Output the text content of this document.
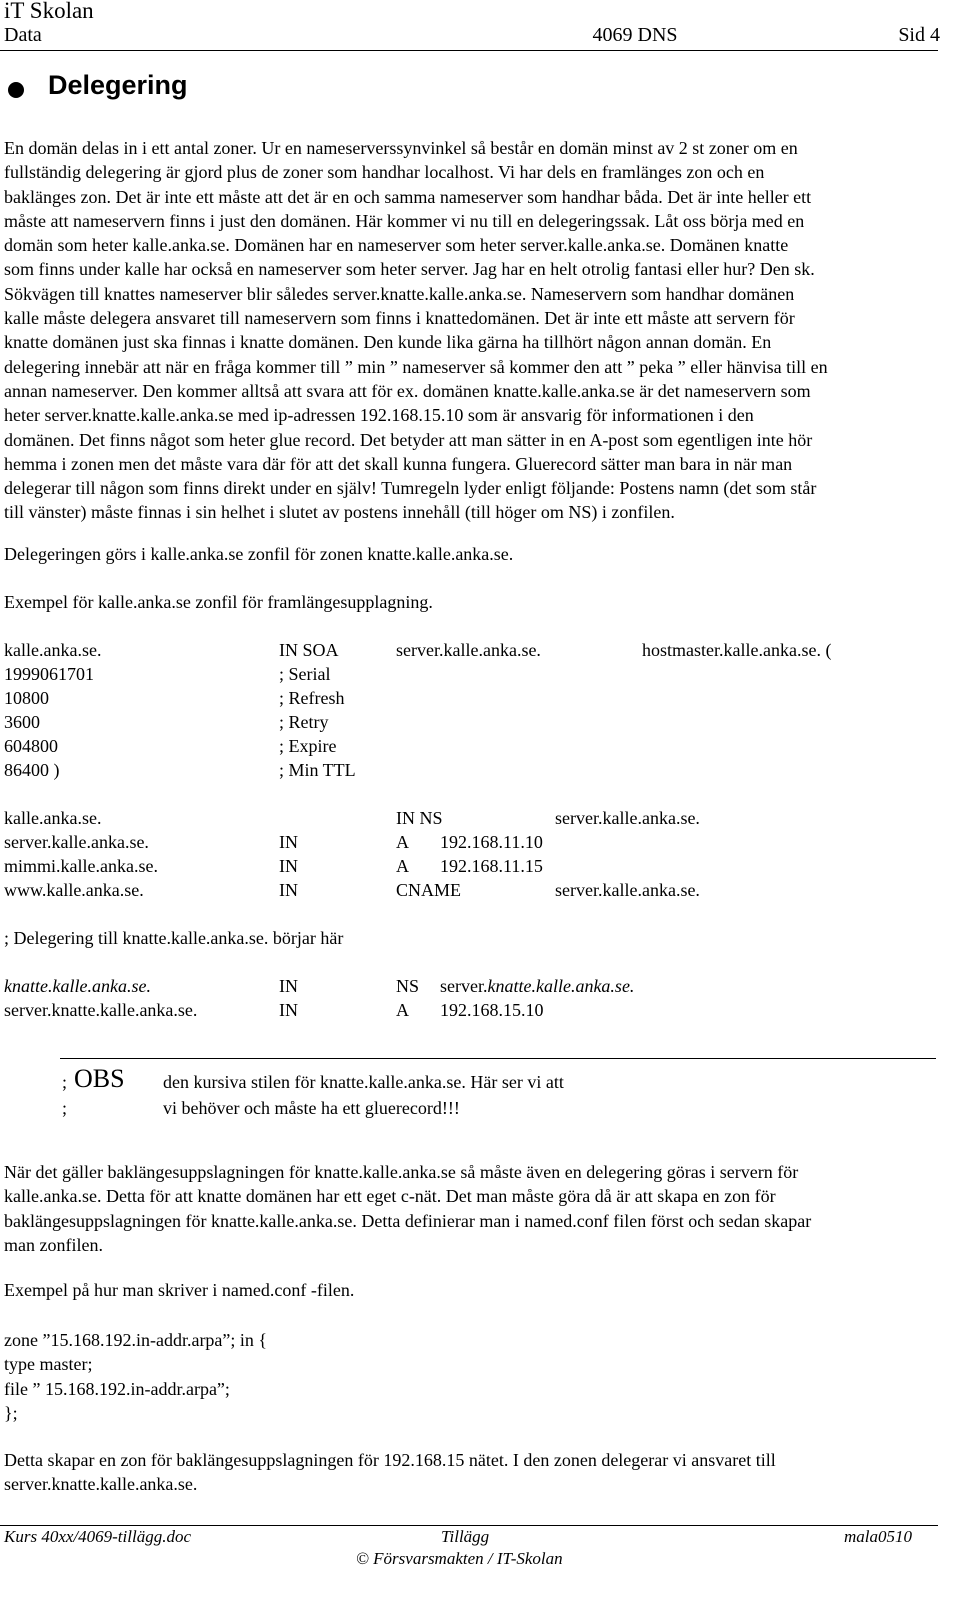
iT Skolan
Data	4069 DNS	Sid 4
Delegering
En domän delas in i ett antal zoner. Ur en nameserverssynvinkel så består en domän minst av 2 st zoner om en
fullständig delegering är gjord plus de zoner som handhar localhost. Vi har dels en framlänges zon och en
baklänges zon. Det är inte ett måste att det är en och samma nameserver som handhar båda. Det är inte heller ett
måste att nameservern finns i just den domänen. Här kommer vi nu till en delegeringssak. Låt oss börja med en
domän som heter kalle.anka.se. Domänen har en nameserver som heter server.kalle.anka.se. Domänen knatte
som finns under kalle har också en nameserver som heter server. Jag har en helt otrolig fantasi eller hur? Den sk.
Sökvägen till knattes nameserver blir således server.knatte.kalle.anka.se. Nameservern som handhar domänen
kalle måste delegera ansvaret till nameservern som finns i knattedomänen. Det är inte ett måste att servern för
knatte domänen just ska finnas i knatte domänen. Den kunde lika gärna ha tillhört någon annan domän. En
delegering innebär att när en fråga kommer till ” min ” nameserver så kommer den att ” peka ” eller hänvisa till en
annan nameserver. Den kommer alltså att svara att för ex. domänen knatte.kalle.anka.se är det nameservern som
heter server.knatte.kalle.anka.se med ip-adressen 192.168.15.10 som är ansvarig för informationen i den
domänen. Det finns något som heter glue record. Det betyder att man sätter in en A-post som egentligen inte hör
hemma i zonen men det måste vara där för att det skall kunna fungera. Gluerecord sätter man bara in när man
delegerar till någon som finns direkt under en själv! Tumregeln lyder enligt följande: Postens namn (det som står
till vänster) måste finnas i sin helhet i slutet av postens innehåll (till höger om NS) i zonfilen.
Delegeringen görs i kalle.anka.se zonfil för zonen knatte.kalle.anka.se.
Exempel för kalle.anka.se zonfil för framlängesupplagning.
kalle.anka.se.	IN SOA	server.kalle.anka.se.	hostmaster.kalle.anka.se. (
1999061701	; Serial
10800	; Refresh
3600	; Retry
604800	; Expire
86400 )	; Min TTL
kalle.anka.se.	IN NS	server.kalle.anka.se.
server.kalle.anka.se.	IN	A 192.168.11.10
mimmi.kalle.anka.se.	IN	A 192.168.11.15
www.kalle.anka.se.	IN	CNAME	server.kalle.anka.se.
; Delegering till knatte.kalle.anka.se. börjar här
knatte.kalle.anka.se.	IN	NS server.knatte.kalle.anka.se.
server.knatte.kalle.anka.se.	IN	A 192.168.15.10
; OBS den kursiva stilen för knatte.kalle.anka.se. Här ser vi att
;	vi behöver och måste ha ett gluerecord!!!
När det gäller baklängesuppslagningen för knatte.kalle.anka.se så måste även en delegering göras i servern för
kalle.anka.se. Detta för att knatte domänen har ett eget c-nät. Det man måste göra då är att skapa en zon för
baklängesuppslagningen för knatte.kalle.anka.se. Detta definierar man i named.conf filen först och sedan skapar
man zonfilen.
Exempel på hur man skriver i named.conf -filen.
zone ”15.168.192.in-addr.arpa”; in {
type master;
file ” 15.168.192.in-addr.arpa”;
};
Detta skapar en zon för baklängesuppslagningen för 192.168.15 nätet. I den zonen delegerar vi ansvaret till
server.knatte.kalle.anka.se.
Kurs 40xx/4069-tillägg.doc	Tillägg	mala0510
© Försvarsmakten / IT-Skolan
